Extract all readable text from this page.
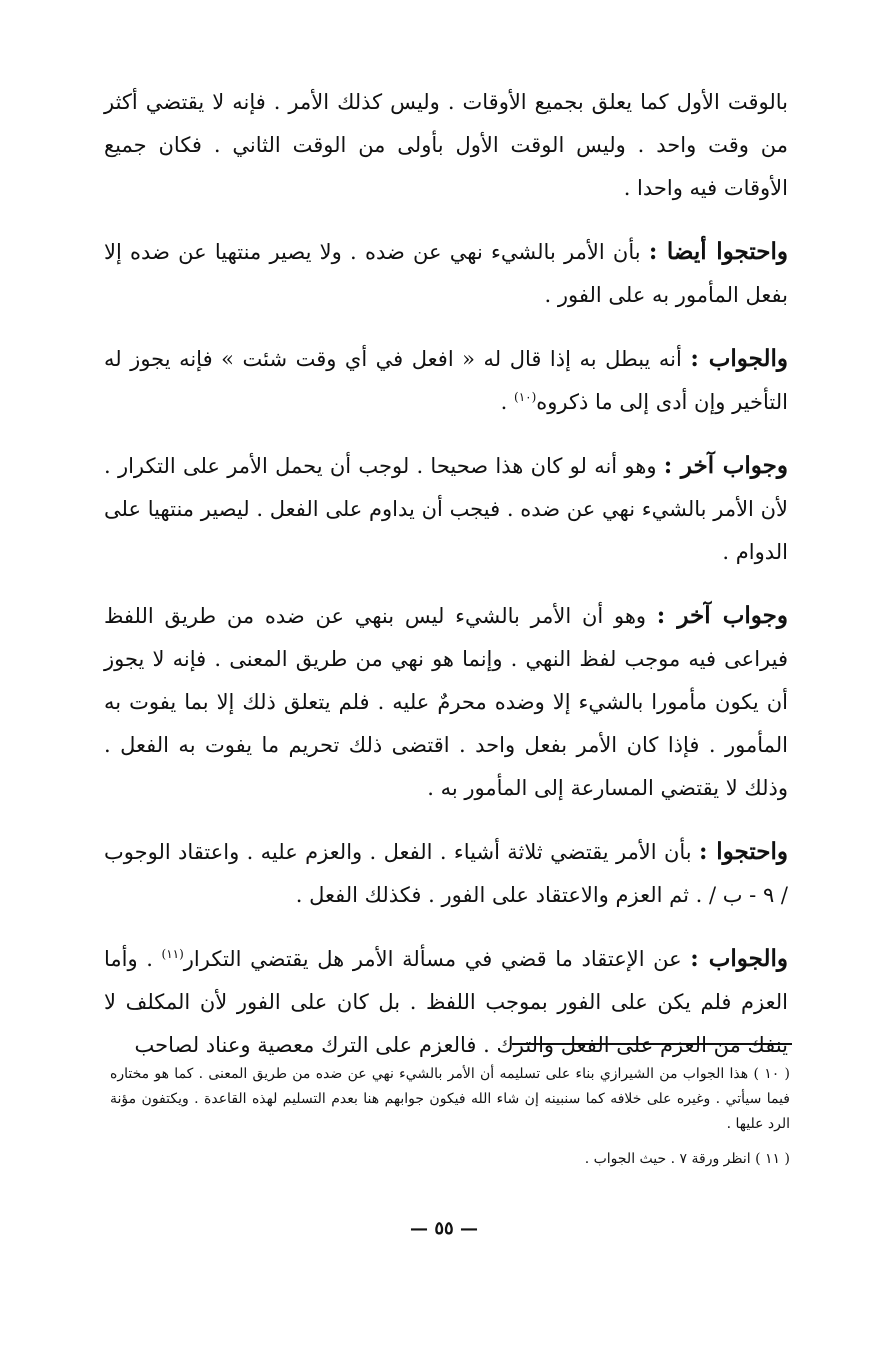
بالوقت الأول كما يعلق بجميع الأوقات . وليس كذلك الأمر . فإنه لا يقتضي أكثر من وقت واحد . وليس الوقت الأول بأولى من الوقت الثاني . فكان جميع الأوقات فيه واحدا .

واحتجوا أيضا : بأن الأمر بالشيء نهي عن ضده . ولا يصير منتهيا عن ضده إلا بفعل المأمور به على الفور .

والجواب : أنه يبطل به إذا قال له « افعل في أي وقت شئت » فإنه يجوز له التأخير وإن أدى إلى ما ذكروه$^{(١٠)}$ .

وجواب آخر : وهو أنه لو كان هذا صحيحا . لوجب أن يحمل الأمر على التكرار . لأن الأمر بالشيء نهي عن ضده . فيجب أن يداوم على الفعل . ليصير منتهيا على الدوام .

وجواب آخر : وهو أن الأمر بالشيء ليس بنهي عن ضده من طريق اللفظ فيراعى فيه موجب لفظ النهي . وإنما هو نهي من طريق المعنى . فإنه لا يجوز أن يكون مأمورا بالشيء إلا وضده محرمٌ عليه . فلم يتعلق ذلك إلا بما يفوت به المأمور . فإذا كان الأمر بفعل واحد . اقتضى ذلك تحريم ما يفوت به الفعل . وذلك لا يقتضي المسارعة إلى المأمور به .

واحتجوا : بأن الأمر يقتضي ثلاثة أشياء . الفعل . والعزم عليه . واعتقاد الوجوب / ٩ - ب / . ثم العزم والاعتقاد على الفور . فكذلك الفعل .

والجواب : عن الإعتقاد ما قضي في مسألة الأمر هل يقتضي التكرار$^{(١١)}$ . وأما العزم فلم يكن على الفور بموجب اللفظ . بل كان على الفور لأن المكلف لا ينفك من العزم على الفعل والترك . فالعزم على الترك معصية وعناد لصاحب

( ١٠ ) هذا الجواب من الشيرازي بناء على تسليمه أن الأمر بالشيء نهي عن ضده من طريق المعنى . كما هو مختاره فيما سيأتي . وغيره على خلافه كما سنبينه إن شاء الله فيكون جوابهم هنا بعدم التسليم لهذه القاعدة . ويكتفون مؤنة الرد عليها .

( ١١ ) انظر ورقة ٧ . حيث الجواب .

— ٥٥ —
